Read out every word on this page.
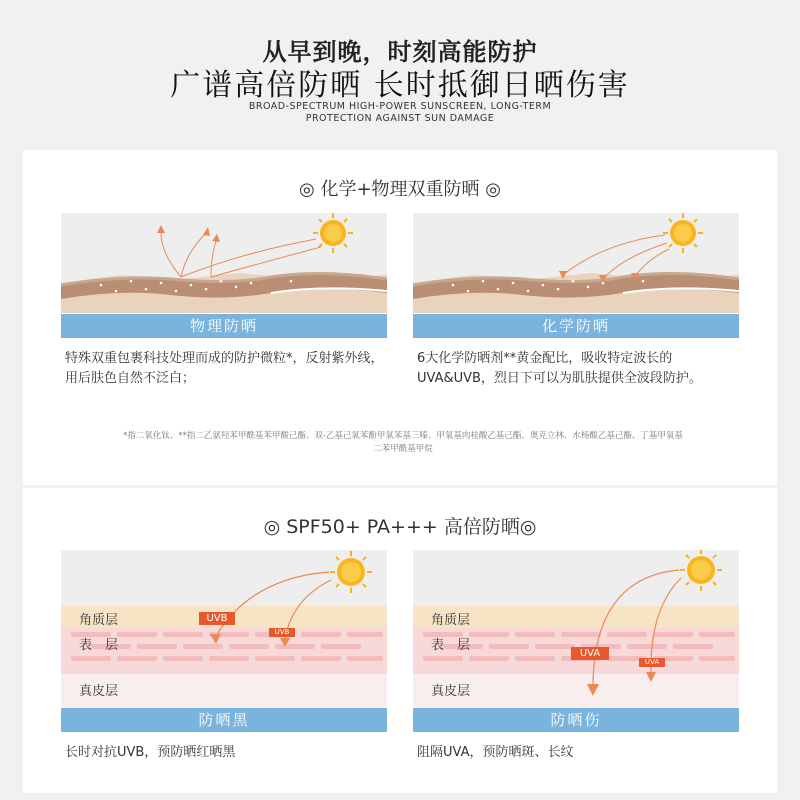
从早到晚，时刻高能防护
广谱高倍防晒 长时抵御日晒伤害
BROAD-SPECTRUM HIGH-POWER SUNSCREEN, LONG-TERM
PROTECTION AGAINST SUN DAMAGE
◎ 化学+物理双重防晒 ◎
物理防晒
特殊双重包裹科技处理而成的防护微粒*，反射紫外线，用后肤色自然不泛白；
化学防晒
6大化学防晒剂**黄金配比，吸收特定波长的UVA&UVB，烈日下可以为肌肤提供全波段防护。
*指二氧化钛、**指二乙氨羟苯甲酰基苯甲酸己酯、双-乙基己氧苯酚甲氧苯基三嗪、甲氧基肉桂酸乙基己酯、奥克立林、水杨酸乙基己酯、丁基甲氧基二苯甲酰基甲烷
◎ SPF50+ PA+++ 高倍防晒◎
角质层
表　层
真皮层
UVB
UVB
防晒黑
长时对抗UVB，预防晒红晒黑
角质层
表　层
真皮层
UVA
UVA
防晒伤
阻隔UVA，预防晒斑、长纹
